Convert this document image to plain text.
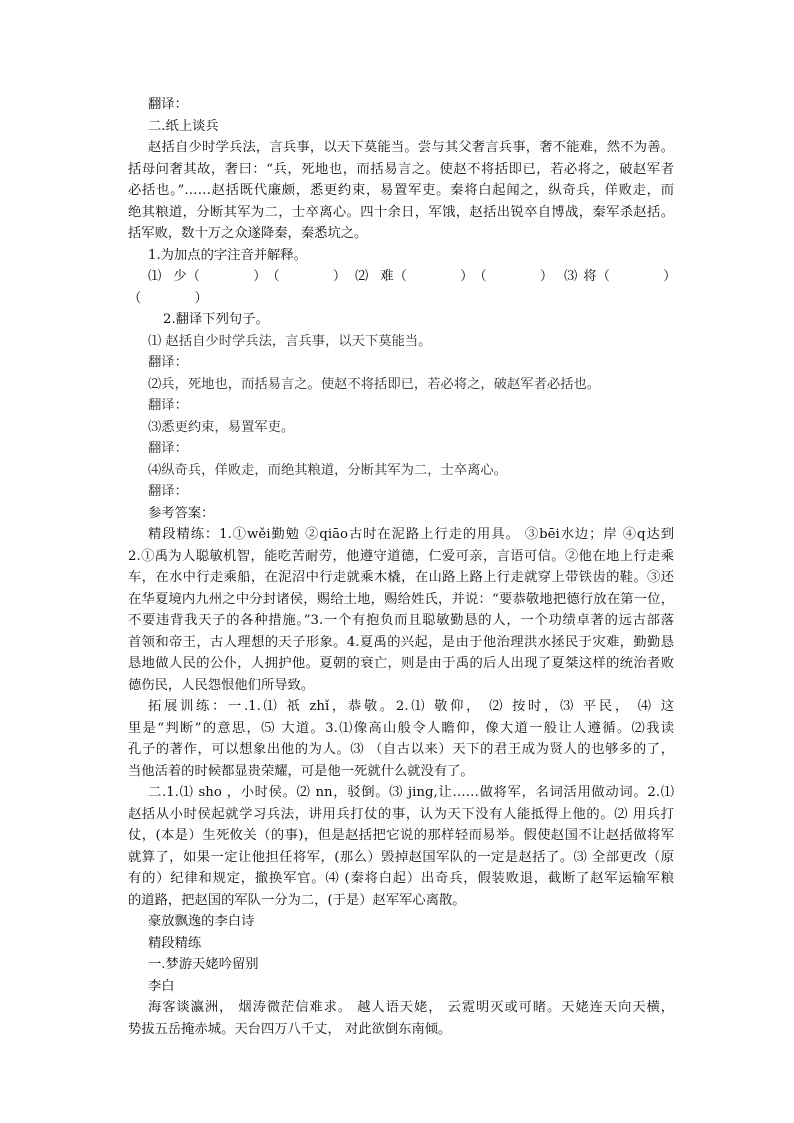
翻译：
二.纸上谈兵
赵括自少时学兵法，言兵事，以天下莫能当。尝与其父奢言兵事，奢不能难，然不为善。
括母问奢其故，奢曰：“兵，死地也，而括易言之。使赵不将括即已，若必将之，破赵军者
必括也。”……赵括既代廉颇，悉更约束，易置军吏。秦将白起闻之，纵奇兵，佯败走，而
绝其粮道，分断其军为二，士卒离心。四十余日，军饿，赵括出锐卒自博战，秦军杀赵括。
括军败，数十万之众遂降秦，秦悉坑之。
1.为加点的字注音并解释。
⑴ 少（　　　　）（　　　　） ⑵ 难（　　　　）（　　　　） ⑶ 将（　　　　）
（　　　　）
2.翻译下列句子。
⑴ 赵括自少时学兵法，言兵事，以天下莫能当。
翻译：
⑵兵，死地也，而括易言之。使赵不将括即已，若必将之，破赵军者必括也。
翻译：
⑶悉更约束，易置军吏。
翻译：
⑷纵奇兵，佯败走，而绝其粮道，分断其军为二，士卒离心。
翻译：
参考答案：
精段精练：1.①wěi勤勉 ②qiāo古时在泥路上行走的用具。 ③bēi水边；岸 ④q达到
2.①禹为人聪敏机智，能吃苦耐劳，他遵守道德，仁爱可亲，言语可信。②他在地上行走乘
车，在水中行走乘船，在泥沼中行走就乘木橇，在山路上路上行走就穿上带铁齿的鞋。③还
在华夏境内九州之中分封诸侯，赐给土地，赐给姓氏，并说：“要恭敬地把德行放在第一位，
不要违背我天子的各种措施。”3.一个有抱负而且聪敏勤恳的人，一个功绩卓著的远古部落
首领和帝王，古人理想的天子形象。4.夏禹的兴起，是由于他治理洪水拯民于灾难，勤勤恳
恳地做人民的公仆，人拥护他。夏朝的衰亡，则是由于禹的后人出现了夏桀这样的统治者败
德伤民，人民怨恨他们所导致。
拓展训练：一.1.⑴ 祇 zhǐ，恭敬。2.⑴ 敬仰， ⑵ 按时，⑶ 平民， ⑷ 这
里是“判断”的意思，⑸ 大道。3.⑴像高山般令人瞻仰，像大道一般让人遵循。⑵我读
孔子的著作，可以想象出他的为人。⑶ （自古以来）天下的君王成为贤人的也够多的了，
当他活着的时候都显贵荣耀，可是他一死就什么就没有了。
二.1.⑴ sho ，小时侯。⑵ nn，驳倒。⑶ jing,让……做将军，名词活用做动词。2.⑴
赵括从小时侯起就学习兵法，讲用兵打仗的事，认为天下没有人能抵得上他的。⑵ 用兵打
仗，(本是）生死攸关（的事)，但是赵括把它说的那样轻而易举。假使赵国不让赵括做将军
就算了，如果一定让他担任将军，(那么）毁掉赵国军队的一定是赵括了。⑶ 全部更改（原
有的）纪律和规定，撤换军官。⑷ (秦将白起）出奇兵，假装败退，截断了赵军运输军粮
的道路，把赵国的军队一分为二，(于是）赵军军心离散。
豪放飘逸的李白诗
精段精练
一.梦游天姥吟留别
李白
海客谈瀛洲， 烟涛微茫信难求。 越人语天姥， 云霓明灭或可睹。天姥连天向天横，
势拔五岳掩赤城。天台四万八千丈， 对此欲倒东南倾。
